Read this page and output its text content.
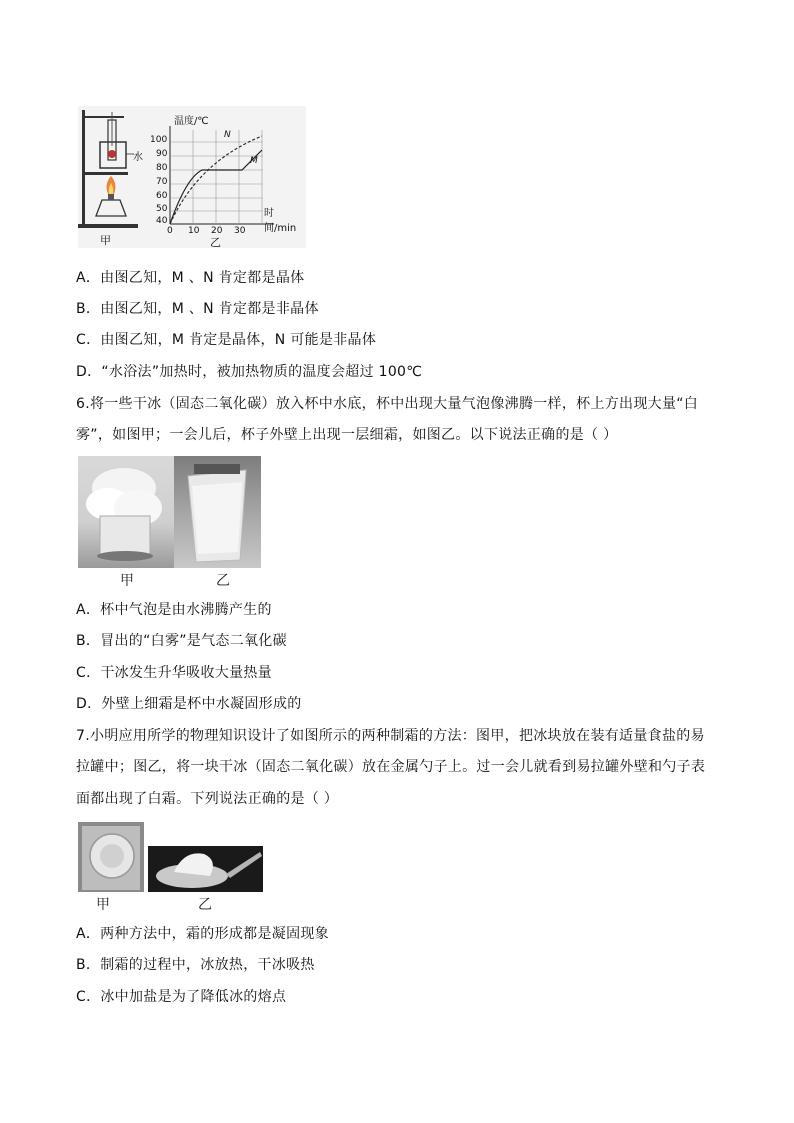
温度/℃
时间/min
100
90
80
70
60
50
40
0 10 20 30
N
M
水
甲	乙
A．由图乙知，M 、N 肯定都是晶体
B．由图乙知，M 、N 肯定都是非晶体
C．由图乙知，M 肯定是晶体，N 可能是非晶体
D．“水浴法”加热时，被加热物质的温度会超过 100℃
6.将一些干冰（固态二氧化碳）放入杯中水底，杯中出现大量气泡像沸腾一样，杯上方出现大量“白
雾”，如图甲；一会儿后，杯子外壁上出现一层细霜，如图乙。以下说法正确的是（ ）
甲	乙
A．杯中气泡是由水沸腾产生的
B．冒出的“白雾”是气态二氧化碳
C．干冰发生升华吸收大量热量
D．外壁上细霜是杯中水凝固形成的
7.小明应用所学的物理知识设计了如图所示的两种制霜的方法：图甲，把冰块放在装有适量食盐的易
拉罐中；图乙，将一块干冰（固态二氧化碳）放在金属勺子上。过一会儿就看到易拉罐外壁和勺子表
面都出现了白霜。下列说法正确的是（ ）
甲	乙
A．两种方法中，霜的形成都是凝固现象
B．制霜的过程中，冰放热，干冰吸热
C．冰中加盐是为了降低冰的熔点
